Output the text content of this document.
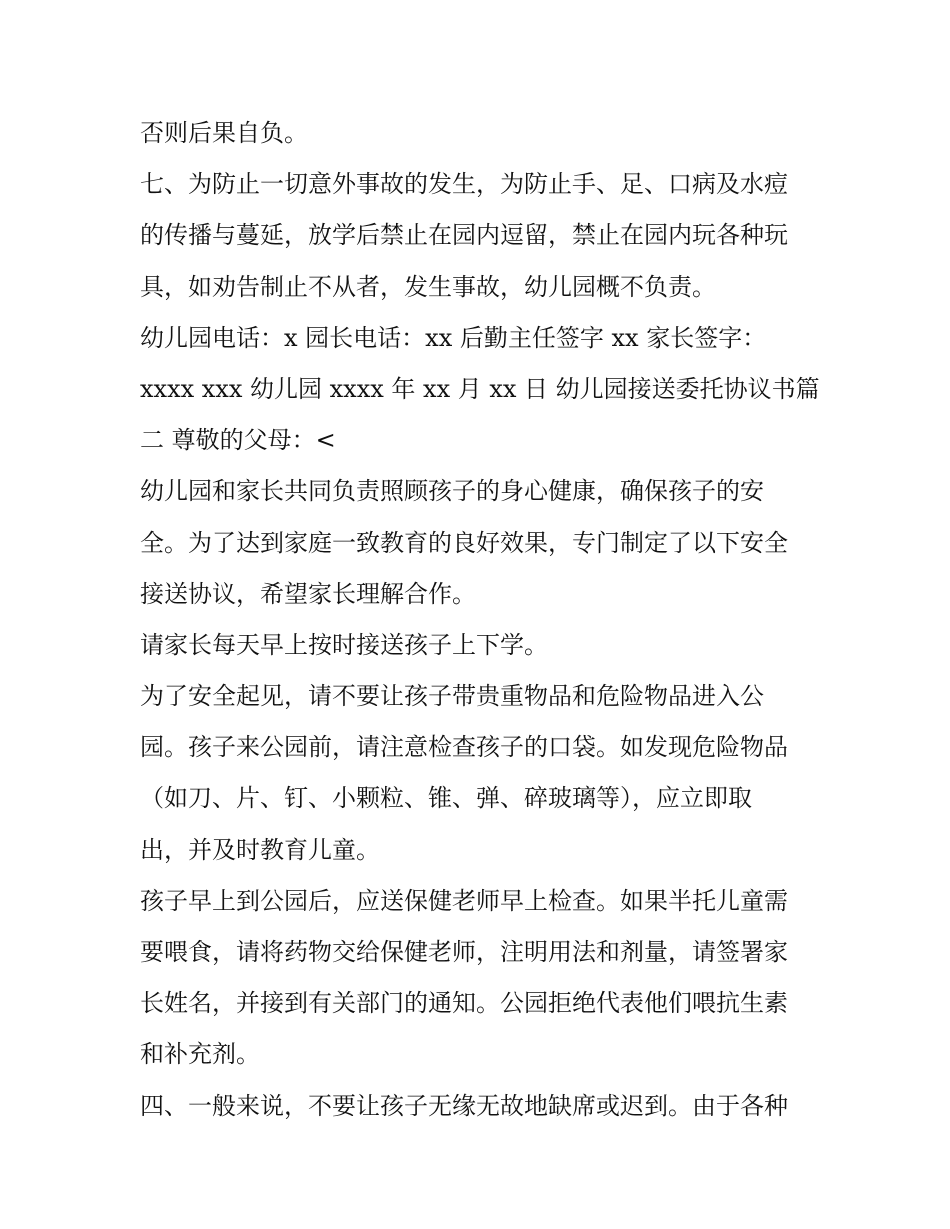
否则后果自负。
七、为防止一切意外事故的发生，为防止手、足、口病及水痘
的传播与蔓延，放学后禁止在园内逗留，禁止在园内玩各种玩
具，如劝告制止不从者，发生事故，幼儿园概不负责。
幼儿园电话：x 园长电话：xx 后勤主任签字 xx 家长签字：
xxxx xxx 幼儿园 xxxx 年 xx 月 xx 日 幼儿园接送委托协议书篇
二 尊敬的父母：<
幼儿园和家长共同负责照顾孩子的身心健康，确保孩子的安
全。为了达到家庭一致教育的良好效果，专门制定了以下安全
接送协议，希望家长理解合作。
请家长每天早上按时接送孩子上下学。
为了安全起见，请不要让孩子带贵重物品和危险物品进入公
园。孩子来公园前，请注意检查孩子的口袋。如发现危险物品
（如刀、片、钉、小颗粒、锥、弹、碎玻璃等），应立即取
出，并及时教育儿童。
孩子早上到公园后，应送保健老师早上检查。如果半托儿童需
要喂食，请将药物交给保健老师，注明用法和剂量，请签署家
长姓名，并接到有关部门的通知。公园拒绝代表他们喂抗生素
和补充剂。
四、一般来说，不要让孩子无缘无故地缺席或迟到。由于各种
